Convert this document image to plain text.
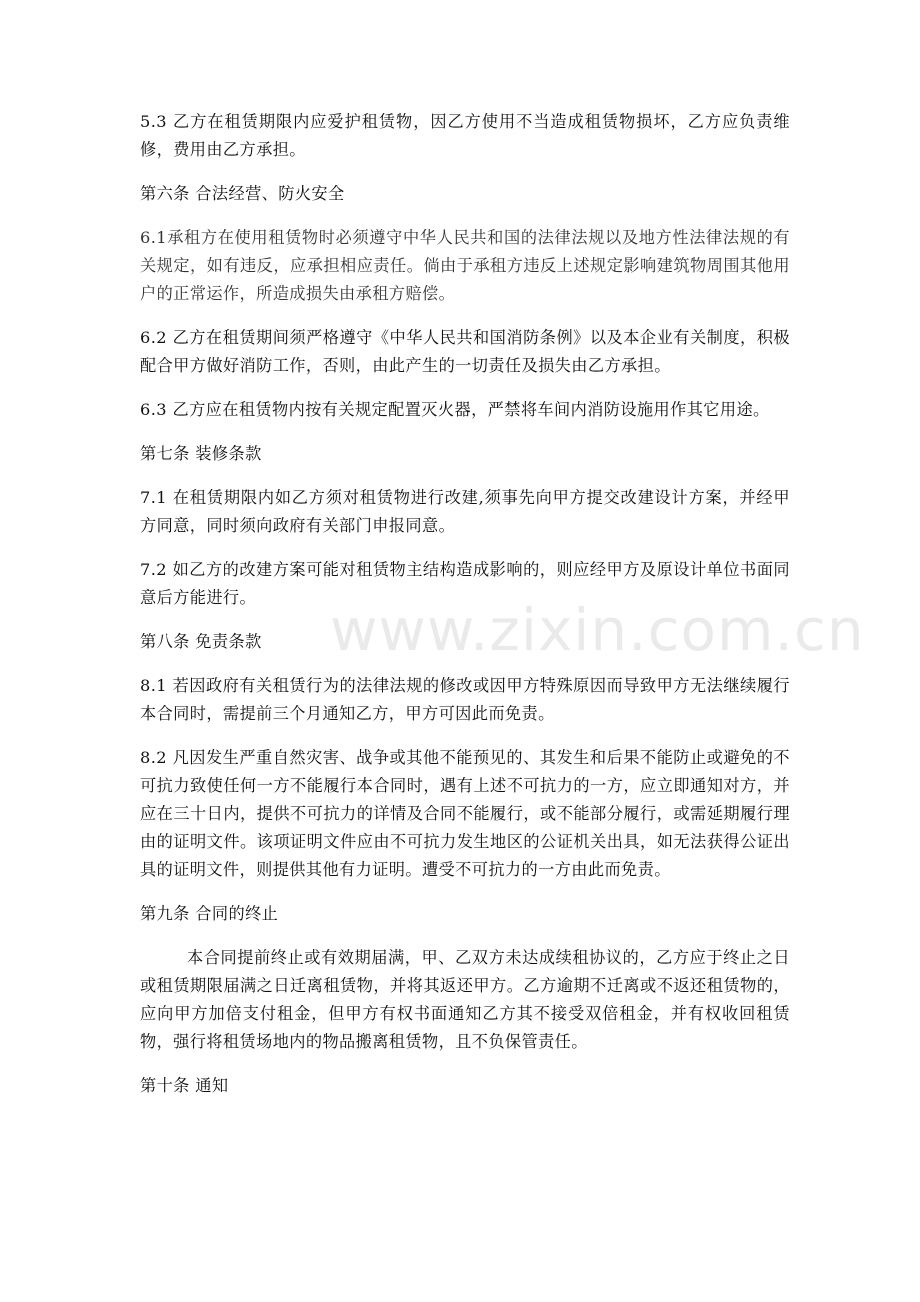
5.3 乙方在租赁期限内应爱护租赁物，因乙方使用不当造成租赁物损坏，乙方应负责维修，费用由乙方承担。

第六条 合法经营、防火安全

6.1承租方在使用租赁物时必须遵守中华人民共和国的法律法规以及地方性法律法规的有关规定，如有违反，应承担相应责任。倘由于承租方违反上述规定影响建筑物周围其他用户的正常运作，所造成损失由承租方赔偿。

6.2 乙方在租赁期间须严格遵守《中华人民共和国消防条例》以及本企业有关制度，积极配合甲方做好消防工作，否则，由此产生的一切责任及损失由乙方承担。

6.3 乙方应在租赁物内按有关规定配置灭火器，严禁将车间内消防设施用作其它用途。

第七条 装修条款

7.1 在租赁期限内如乙方须对租赁物进行改建,须事先向甲方提交改建设计方案，并经甲方同意，同时须向政府有关部门申报同意。

7.2 如乙方的改建方案可能对租赁物主结构造成影响的，则应经甲方及原设计单位书面同意后方能进行。

第八条 免责条款

8.1 若因政府有关租赁行为的法律法规的修改或因甲方特殊原因而导致甲方无法继续履行本合同时，需提前三个月通知乙方，甲方可因此而免责。

8.2 凡因发生严重自然灾害、战争或其他不能预见的、其发生和后果不能防止或避免的不可抗力致使任何一方不能履行本合同时，遇有上述不可抗力的一方，应立即通知对方，并应在三十日内，提供不可抗力的详情及合同不能履行，或不能部分履行，或需延期履行理由的证明文件。该项证明文件应由不可抗力发生地区的公证机关出具，如无法获得公证出具的证明文件，则提供其他有力证明。遭受不可抗力的一方由此而免责。

第九条 合同的终止

本合同提前终止或有效期届满，甲、乙双方未达成续租协议的，乙方应于终止之日或租赁期限届满之日迁离租赁物，并将其返还甲方。乙方逾期不迁离或不返还租赁物的，应向甲方加倍支付租金，但甲方有权书面通知乙方其不接受双倍租金，并有权收回租赁物，强行将租赁场地内的物品搬离租赁物，且不负保管责任。

第十条 通知

www.zixin.com.cn
